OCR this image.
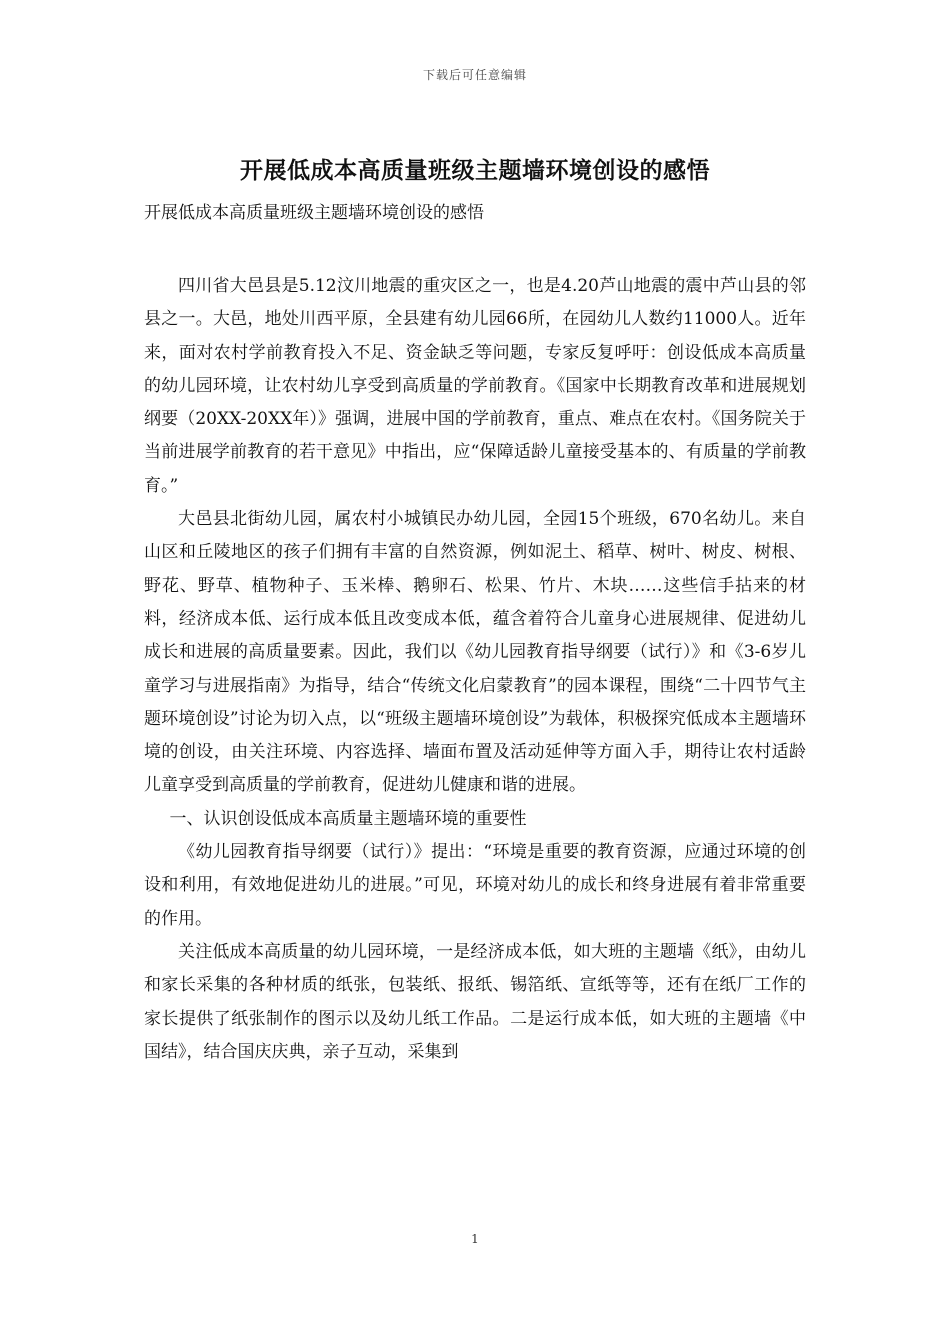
下载后可任意编辑
开展低成本高质量班级主题墙环境创设的感悟

开展低成本高质量班级主题墙环境创设的感悟

四川省大邑县是5.12汶川地震的重灾区之一，也是4.20芦山地震的震中芦山县的邻县之一。大邑，地处川西平原，全县建有幼儿园66所，在园幼儿人数约11000人。近年来，面对农村学前教育投入不足、资金缺乏等问题，专家反复呼吁：创设低成本高质量的幼儿园环境，让农村幼儿享受到高质量的学前教育。《国家中长期教育改革和进展规划纲要（20XX-20XX年）》强调，进展中国的学前教育，重点、难点在农村。《国务院关于当前进展学前教育的若干意见》中指出，应“保障适龄儿童接受基本的、有质量的学前教育。”

大邑县北街幼儿园，属农村小城镇民办幼儿园，全园15个班级，670名幼儿。来自山区和丘陵地区的孩子们拥有丰富的自然资源，例如泥土、稻草、树叶、树皮、树根、野花、野草、植物种子、玉米棒、鹅卵石、松果、竹片、木块……这些信手拈来的材料，经济成本低、运行成本低且改变成本低，蕴含着符合儿童身心进展规律、促进幼儿成长和进展的高质量要素。因此，我们以《幼儿园教育指导纲要（试行）》和《3-6岁儿童学习与进展指南》为指导，结合“传统文化启蒙教育”的园本课程，围绕“二十四节气主题环境创设”讨论为切入点，以“班级主题墙环境创设”为载体，积极探究低成本主题墙环境的创设，由关注环境、内容选择、墙面布置及活动延伸等方面入手，期待让农村适龄儿童享受到高质量的学前教育，促进幼儿健康和谐的进展。

一、认识创设低成本高质量主题墙环境的重要性

《幼儿园教育指导纲要（试行）》提出：“环境是重要的教育资源，应通过环境的创设和利用，有效地促进幼儿的进展。”可见，环境对幼儿的成长和终身进展有着非常重要的作用。

关注低成本高质量的幼儿园环境，一是经济成本低，如大班的主题墙《纸》，由幼儿和家长采集的各种材质的纸张，包装纸、报纸、锡箔纸、宣纸等等，还有在纸厂工作的家长提供了纸张制作的图示以及幼儿纸工作品。二是运行成本低，如大班的主题墙《中国结》，结合国庆庆典，亲子互动，采集到

1
